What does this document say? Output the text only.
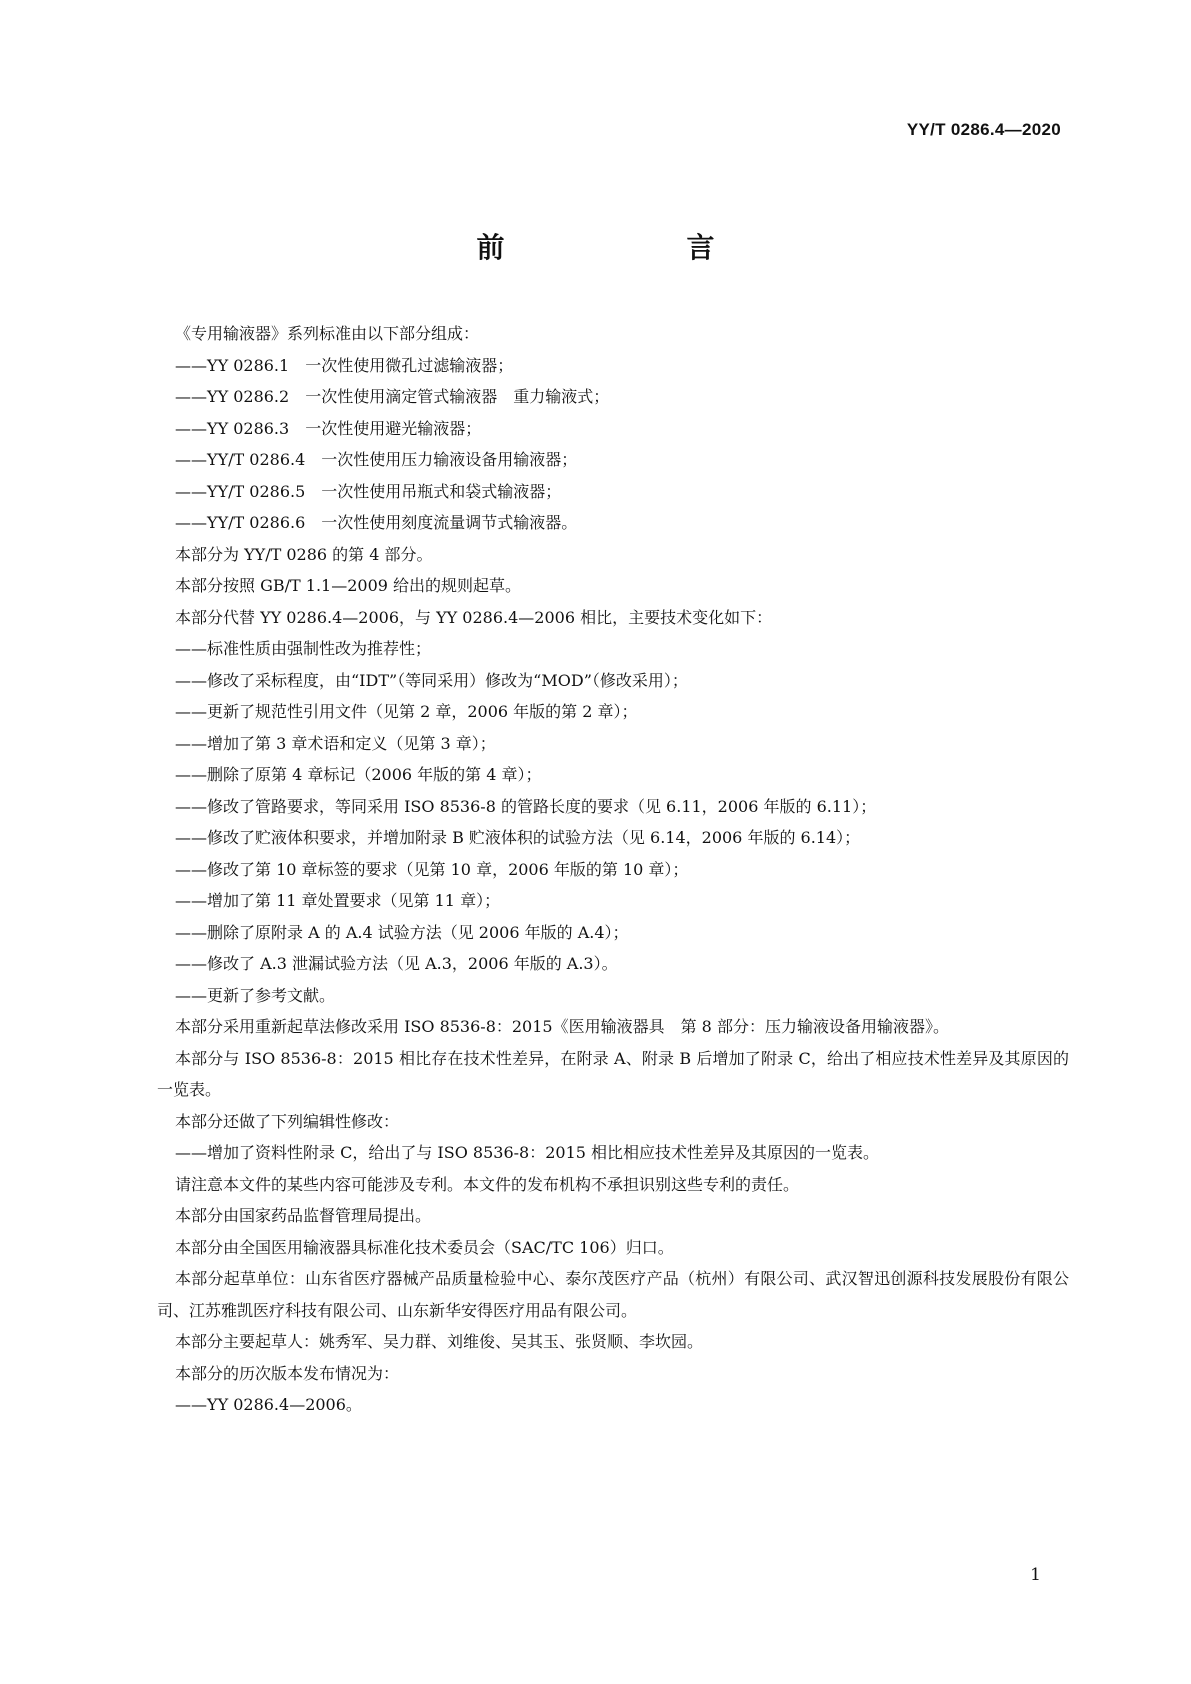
YY/T 0286.4—2020
前　　言
《专用输液器》系列标准由以下部分组成：
——YY 0286.1　一次性使用微孔过滤输液器；
——YY 0286.2　一次性使用滴定管式输液器　重力输液式；
——YY 0286.3　一次性使用避光输液器；
——YY/T 0286.4　一次性使用压力输液设备用输液器；
——YY/T 0286.5　一次性使用吊瓶式和袋式输液器；
——YY/T 0286.6　一次性使用刻度流量调节式输液器。
本部分为 YY/T 0286 的第 4 部分。
本部分按照 GB/T 1.1—2009 给出的规则起草。
本部分代替 YY 0286.4—2006，与 YY 0286.4—2006 相比，主要技术变化如下：
——标准性质由强制性改为推荐性；
——修改了采标程度，由“IDT”（等同采用）修改为“MOD”（修改采用）；
——更新了规范性引用文件（见第 2 章，2006 年版的第 2 章）；
——增加了第 3 章术语和定义（见第 3 章）；
——删除了原第 4 章标记（2006 年版的第 4 章）；
——修改了管路要求，等同采用 ISO 8536-8 的管路长度的要求（见 6.11，2006 年版的 6.11）；
——修改了贮液体积要求，并增加附录 B 贮液体积的试验方法（见 6.14，2006 年版的 6.14）；
——修改了第 10 章标签的要求（见第 10 章，2006 年版的第 10 章）；
——增加了第 11 章处置要求（见第 11 章）；
——删除了原附录 A 的 A.4 试验方法（见 2006 年版的 A.4）；
——修改了 A.3 泄漏试验方法（见 A.3，2006 年版的 A.3）。
——更新了参考文献。
本部分采用重新起草法修改采用 ISO 8536-8：2015《医用输液器具　第 8 部分：压力输液设备用输液器》。
本部分与 ISO 8536-8：2015 相比存在技术性差异，在附录 A、附录 B 后增加了附录 C，给出了相应技术性差异及其原因的一览表。
本部分还做了下列编辑性修改：
——增加了资料性附录 C，给出了与 ISO 8536-8：2015 相比相应技术性差异及其原因的一览表。
请注意本文件的某些内容可能涉及专利。本文件的发布机构不承担识别这些专利的责任。
本部分由国家药品监督管理局提出。
本部分由全国医用输液器具标准化技术委员会（SAC/TC 106）归口。
本部分起草单位：山东省医疗器械产品质量检验中心、泰尔茂医疗产品（杭州）有限公司、武汉智迅创源科技发展股份有限公司、江苏雅凯医疗科技有限公司、山东新华安得医疗用品有限公司。
本部分主要起草人：姚秀军、吴力群、刘维俊、吴其玉、张贤顺、李坎园。
本部分的历次版本发布情况为：
——YY 0286.4—2006。
1
